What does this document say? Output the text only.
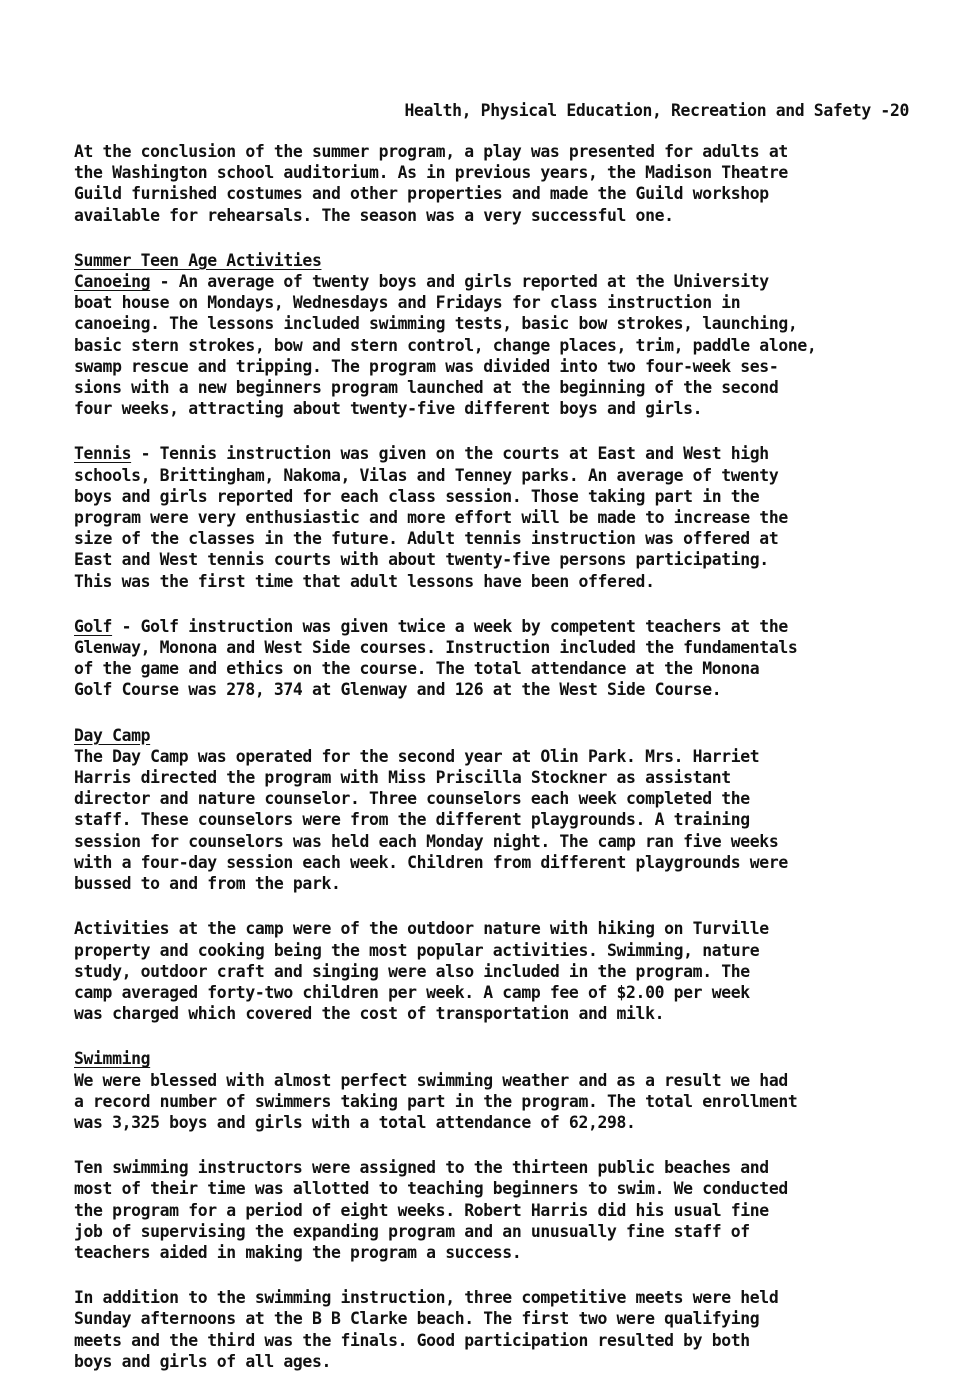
Health, Physical Education, Recreation and Safety -20

At the conclusion of the summer program, a play was presented for adults at
the Washington school auditorium. As in previous years, the Madison Theatre
Guild furnished costumes and other properties and made the Guild workshop
available for rehearsals. The season was a very successful one.

Summer Teen Age Activities
Canoeing - An average of twenty boys and girls reported at the University
boat house on Mondays, Wednesdays and Fridays for class instruction in
canoeing. The lessons included swimming tests, basic bow strokes, launching,
basic stern strokes, bow and stern control, change places, trim, paddle alone,
swamp rescue and tripping. The program was divided into two four-week ses-
sions with a new beginners program launched at the beginning of the second
four weeks, attracting about twenty-five different boys and girls.
Tennis - Tennis instruction was given on the courts at East and West high
schools, Brittingham, Nakoma, Vilas and Tenney parks. An average of twenty
boys and girls reported for each class session. Those taking part in the
program were very enthusiastic and more effort will be made to increase the
size of the classes in the future. Adult tennis instruction was offered at
East and West tennis courts with about twenty-five persons participating.
This was the first time that adult lessons have been offered.
Golf - Golf instruction was given twice a week by competent teachers at the
Glenway, Monona and West Side courses. Instruction included the fundamentals
of the game and ethics on the course. The total attendance at the Monona
Golf Course was 278, 374 at Glenway and 126 at the West Side Course.
Day Camp
The Day Camp was operated for the second year at Olin Park. Mrs. Harriet
Harris directed the program with Miss Priscilla Stockner as assistant
director and nature counselor. Three counselors each week completed the
staff. These counselors were from the different playgrounds. A training
session for counselors was held each Monday night. The camp ran five weeks
with a four-day session each week. Children from different playgrounds were
bussed to and from the park.

Activities at the camp were of the outdoor nature with hiking on Turville
property and cooking being the most popular activities. Swimming, nature
study, outdoor craft and singing were also included in the program. The
camp averaged forty-two children per week. A camp fee of $2.00 per week
was charged which covered the cost of transportation and milk.

Swimming
We were blessed with almost perfect swimming weather and as a result we had
a record number of swimmers taking part in the program. The total enrollment
was 3,325 boys and girls with a total attendance of 62,298.

Ten swimming instructors were assigned to the thirteen public beaches and
most of their time was allotted to teaching beginners to swim. We conducted
the program for a period of eight weeks. Robert Harris did his usual fine
job of supervising the expanding program and an unusually fine staff of
teachers aided in making the program a success.

In addition to the swimming instruction, three competitive meets were held
Sunday afternoons at the B B Clarke beach. The first two were qualifying
meets and the third was the finals. Good participation resulted by both
boys and girls of all ages.
